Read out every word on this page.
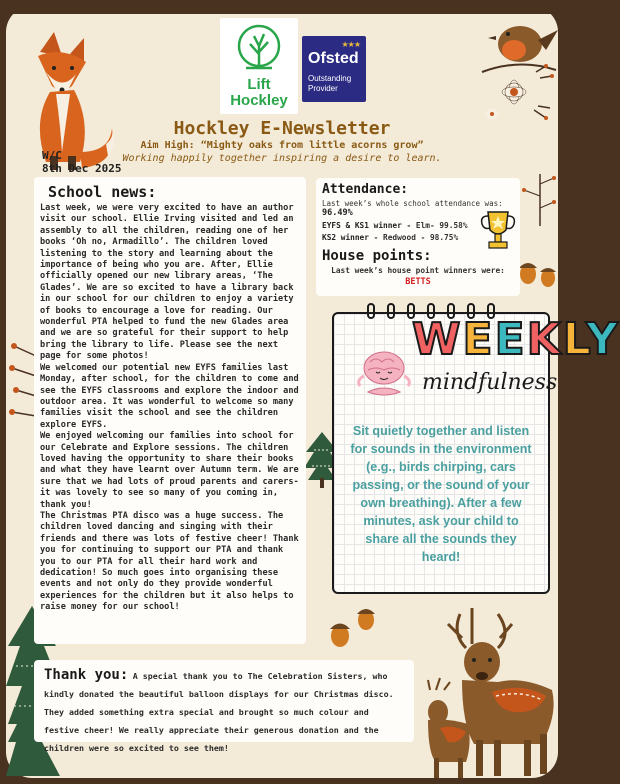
Lift
Hockley
★★★
Ofsted
Outstanding
Provider
W/C
8th Dec 2025
Hockley E-Newsletter
Aim High: “Mighty oaks from little acorns grow”
Working happily together inspiring a desire to learn.
School news:

Last week, we were very excited to have an author visit our school. Ellie Irving visited and led an assembly to all the children, reading one of her books ‘Oh no, Armadillo’. The children loved listening to the story and learning about the importance of being who you are. After, Ellie officially opened our new library areas, ‘The Glades’. We are so excited to have a library back in our school for our children to enjoy a variety of books to encourage a love for reading. Our wonderful PTA helped to fund the new Glades area and we are so grateful for their support to help bring the library to life. Please see the next page for some photos!

We welcomed our potential new EYFS families last Monday, after school, for the children to come and see the EYFS classrooms and explore the indoor and outdoor area. It was wonderful to welcome so many families visit the school and see the children explore EYFS.

We enjoyed welcoming our families into school for our Celebrate and Explore sessions. The children loved having the opportunity to share their books and what they have learnt over Autumn term. We are sure that we had lots of proud parents and carers-it was lovely to see so many of you coming in, thank you!

The Christmas PTA disco was a huge success. The children loved dancing and singing with their friends and there was lots of festive cheer! Thank you for continuing to support our PTA and thank you to our PTA for all their hard work and dedication! So much goes into organising these events and not only do they provide wonderful experiences for the children but it also helps to raise money for our school!

Attendance:
Last week’s whole school attendance was:
96.49%
EYFS & KS1 winner - Elm- 99.58%
KS2 winner - Redwood - 98.75%
House points:
Last week’s house point winners were:
BETTS
WEEKLY
mindfulness
Sit quietly together and listen for sounds in the environment (e.g., birds chirping, cars passing, or the sound of your own breathing). After a few minutes, ask your child to share all the sounds they heard!
Thank you: A special thank you to The Celebration Sisters, who kindly donated the beautiful balloon displays for our Christmas disco. They added something extra special and brought so much colour and festive cheer! We really appreciate their generous donation and the children were so excited to see them!
